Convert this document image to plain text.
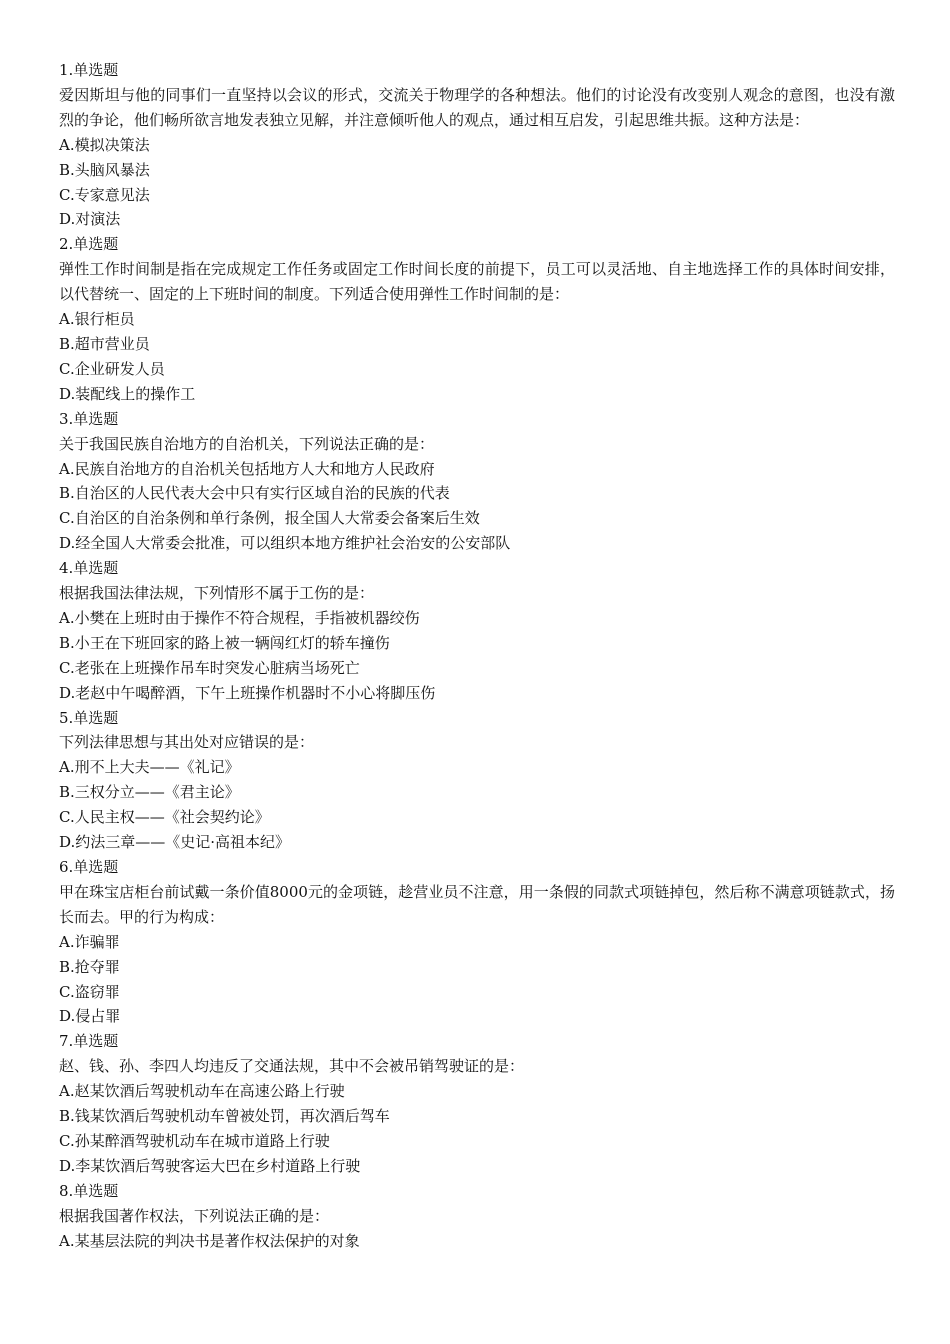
1.单选题
爱因斯坦与他的同事们一直坚持以会议的形式，交流关于物理学的各种想法。他们的讨论没有改变别人观念的意图，也没有激烈的争论，他们畅所欲言地发表独立见解，并注意倾听他人的观点，通过相互启发，引起思维共振。这种方法是：
A.模拟决策法
B.头脑风暴法
C.专家意见法
D.对演法
2.单选题
弹性工作时间制是指在完成规定工作任务或固定工作时间长度的前提下，员工可以灵活地、自主地选择工作的具体时间安排，以代替统一、固定的上下班时间的制度。下列适合使用弹性工作时间制的是：
A.银行柜员
B.超市营业员
C.企业研发人员
D.装配线上的操作工
3.单选题
关于我国民族自治地方的自治机关，下列说法正确的是：
A.民族自治地方的自治机关包括地方人大和地方人民政府
B.自治区的人民代表大会中只有实行区域自治的民族的代表
C.自治区的自治条例和单行条例，报全国人大常委会备案后生效
D.经全国人大常委会批准，可以组织本地方维护社会治安的公安部队
4.单选题
根据我国法律法规，下列情形不属于工伤的是：
A.小樊在上班时由于操作不符合规程，手指被机器绞伤
B.小王在下班回家的路上被一辆闯红灯的轿车撞伤
C.老张在上班操作吊车时突发心脏病当场死亡
D.老赵中午喝醉酒，下午上班操作机器时不小心将脚压伤
5.单选题
下列法律思想与其出处对应错误的是：
A.刑不上大夫——《礼记》
B.三权分立——《君主论》
C.人民主权——《社会契约论》
D.约法三章——《史记·高祖本纪》
6.单选题
甲在珠宝店柜台前试戴一条价值8000元的金项链，趁营业员不注意，用一条假的同款式项链掉包，然后称不满意项链款式，扬长而去。甲的行为构成：
A.诈骗罪
B.抢夺罪
C.盗窃罪
D.侵占罪
7.单选题
赵、钱、孙、李四人均违反了交通法规，其中不会被吊销驾驶证的是：
A.赵某饮酒后驾驶机动车在高速公路上行驶
B.钱某饮酒后驾驶机动车曾被处罚，再次酒后驾车
C.孙某醉酒驾驶机动车在城市道路上行驶
D.李某饮酒后驾驶客运大巴在乡村道路上行驶
8.单选题
根据我国著作权法，下列说法正确的是：
A.某基层法院的判决书是著作权法保护的对象
